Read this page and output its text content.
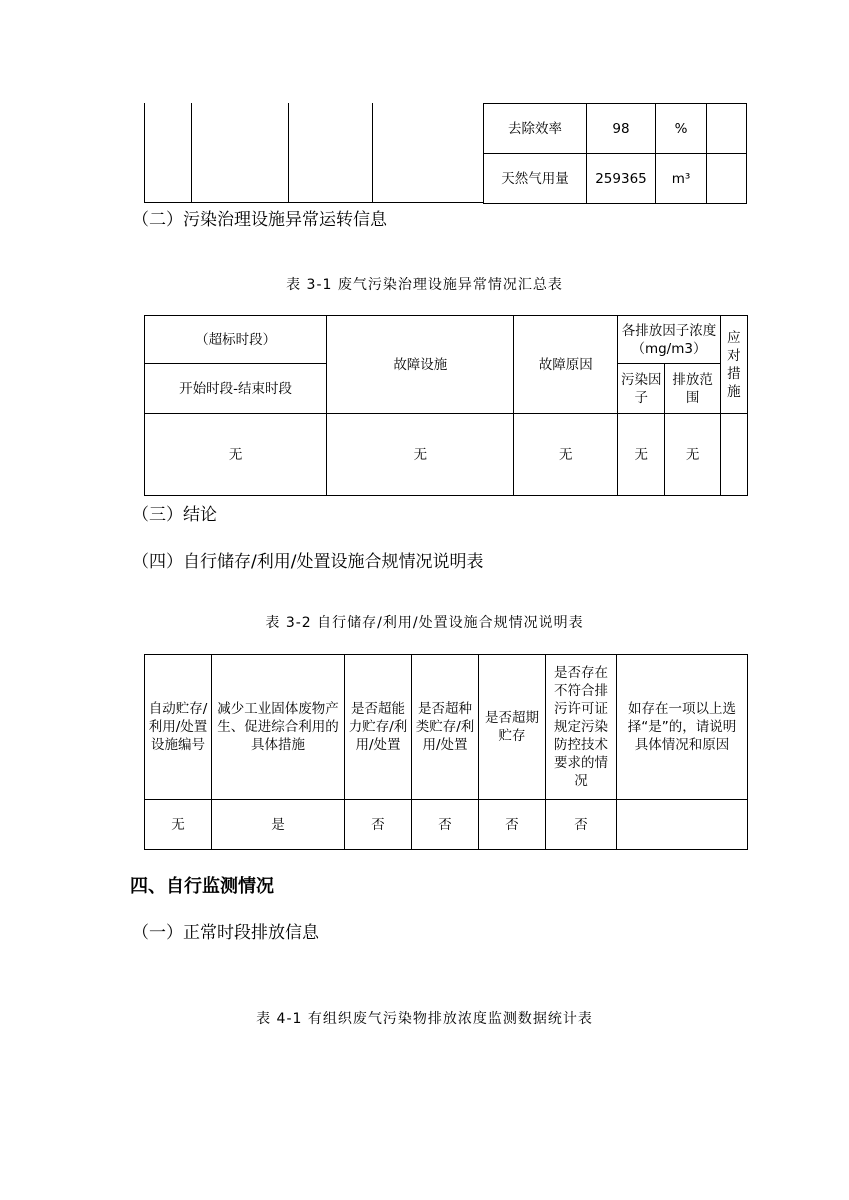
去除效率	98	%	
天然气用量	259365	m³	
（二）污染治理设施异常运转信息
表 3-1 废气污染治理设施异常情况汇总表
（超标时段）	故障设施	故障原因	各排放因子浓度（mg/m3）		应对措施
开始时段-结束时段			污染因子	排放范围	
无	无	无	无	无	
（三）结论
（四）自行储存/利用/处置设施合规情况说明表
表 3-2 自行储存/利用/处置设施合规情况说明表
自动贮存/利用/处置设施编号	减少工业固体废物产生、促进综合利用的具体措施	是否超能力贮存/利用/处置	是否超种类贮存/利用/处置	是否超期贮存	是否存在不符合排污许可证规定污染防控技术要求的情况	如存在一项以上选择“是”的，请说明具体情况和原因
无	是	否	否	否	否	
四、自行监测情况
（一）正常时段排放信息
表 4-1 有组织废气污染物排放浓度监测数据统计表
